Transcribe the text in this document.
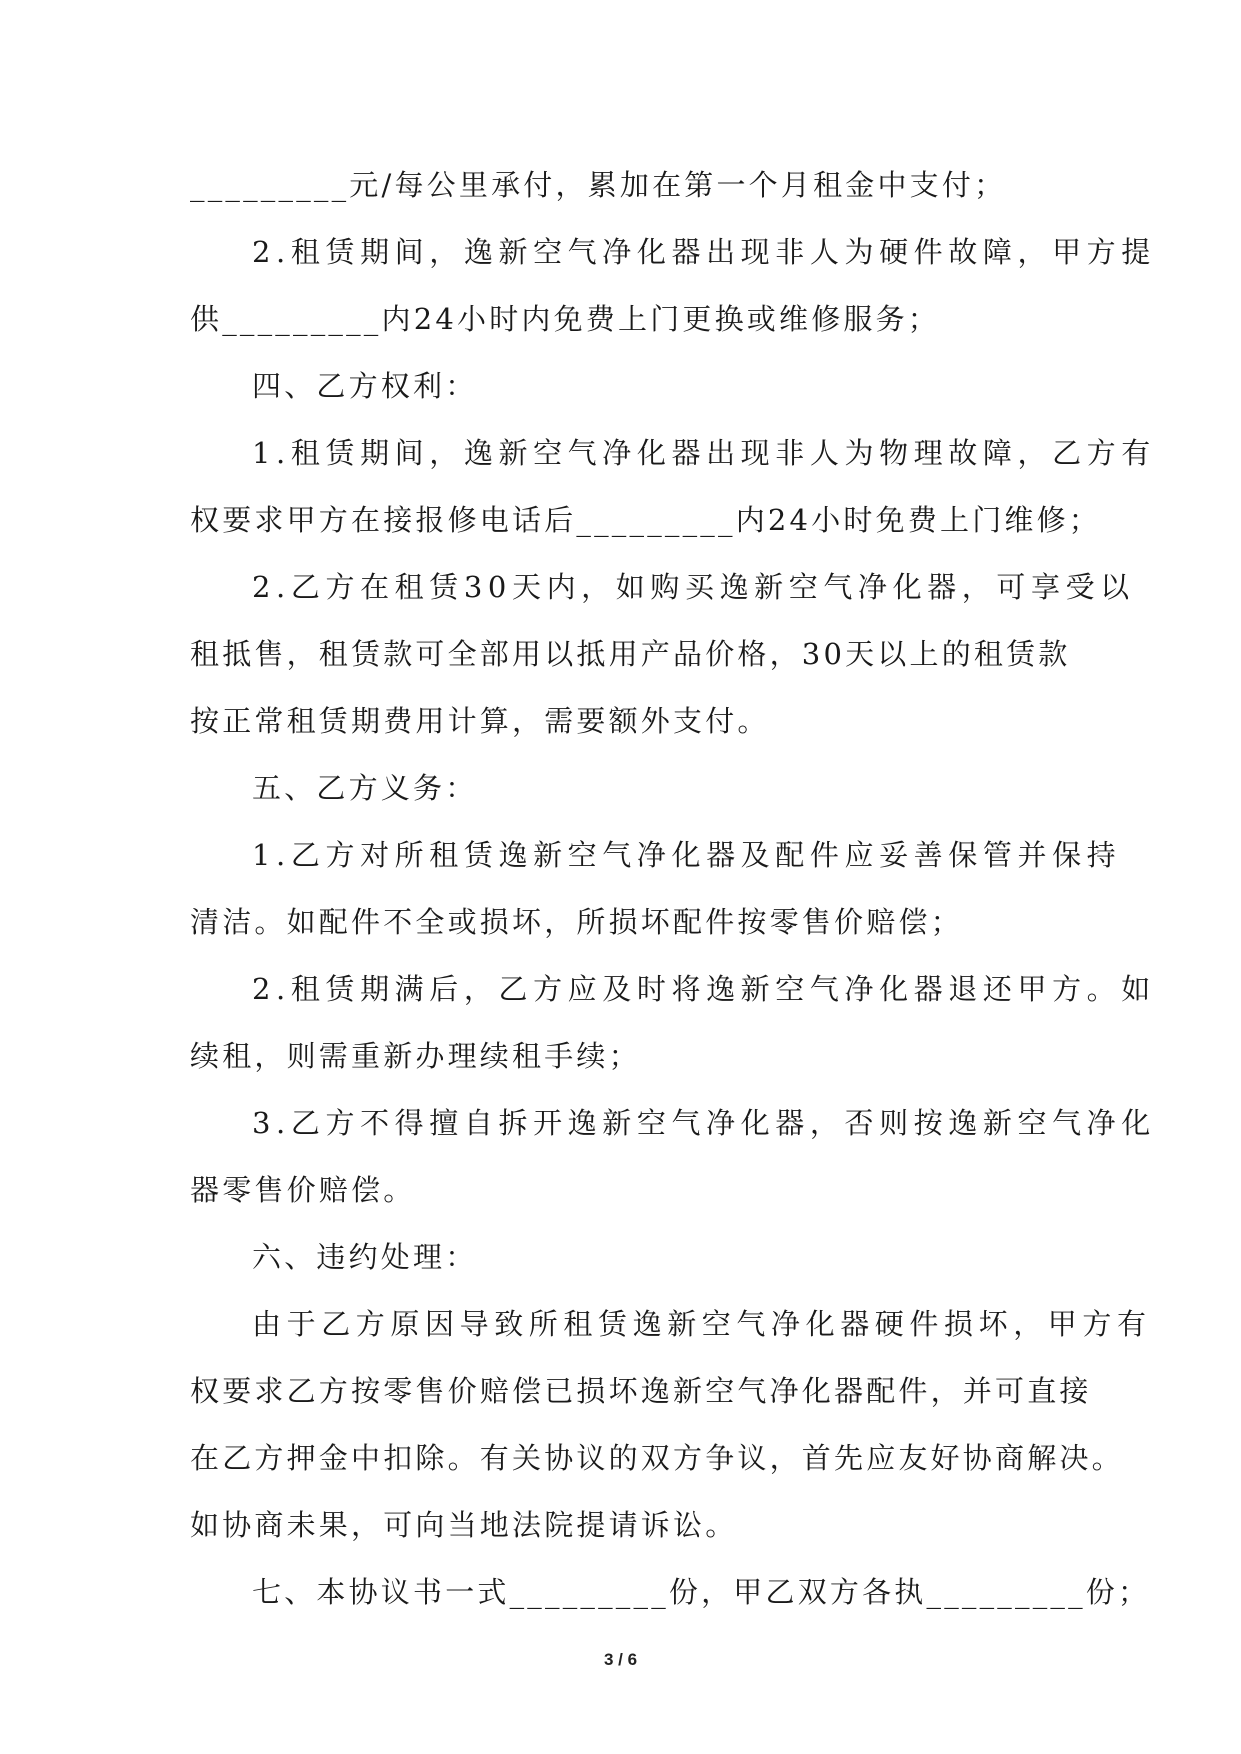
_________元/每公里承付，累加在第一个月租金中支付；
2.租赁期间，逸新空气净化器出现非人为硬件故障，甲方提
供_________内24小时内免费上门更换或维修服务；
四、乙方权利：
1.租赁期间，逸新空气净化器出现非人为物理故障，乙方有
权要求甲方在接报修电话后_________内24小时免费上门维修；
2.乙方在租赁30天内，如购买逸新空气净化器，可享受以
租抵售，租赁款可全部用以抵用产品价格，30天以上的租赁款
按正常租赁期费用计算，需要额外支付。
五、乙方义务：
1.乙方对所租赁逸新空气净化器及配件应妥善保管并保持
清洁。如配件不全或损坏，所损坏配件按零售价赔偿；
2.租赁期满后，乙方应及时将逸新空气净化器退还甲方。如
续租，则需重新办理续租手续；
3.乙方不得擅自拆开逸新空气净化器，否则按逸新空气净化
器零售价赔偿。
六、违约处理：
由于乙方原因导致所租赁逸新空气净化器硬件损坏，甲方有
权要求乙方按零售价赔偿已损坏逸新空气净化器配件，并可直接
在乙方押金中扣除。有关协议的双方争议，首先应友好协商解决。
如协商未果，可向当地法院提请诉讼。
七、本协议书一式_________份，甲乙双方各执_________份；
3 / 6
